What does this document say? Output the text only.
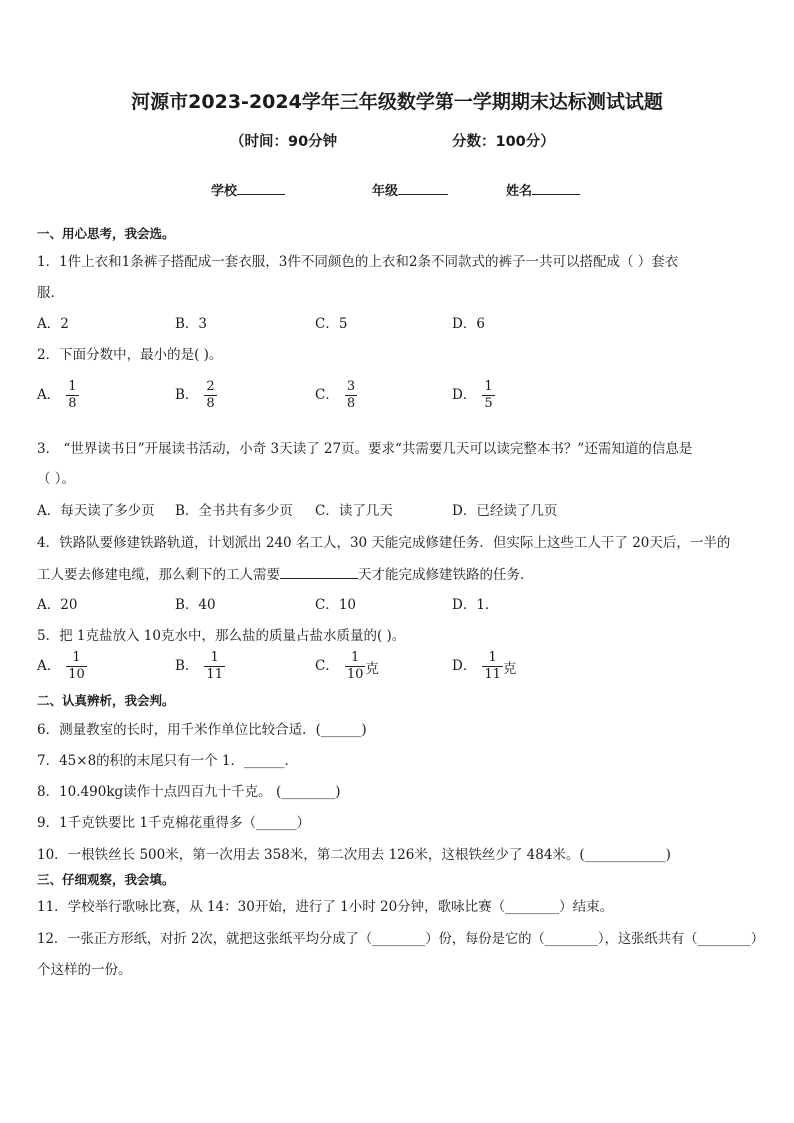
河源市2023-2024学年三年级数学第一学期期末达标测试试题
（时间：90分钟	分数：100分）
学校	年级	姓名
一、用心思考，我会选。
1．1件上衣和1条裤子搭配成一套衣服，3件不同颜色的上衣和2条不同款式的裤子一共可以搭配成（ ）套衣
服．
A．2	B．3	C．5	D．6
2．下面分数中，最小的是( )。
A． $\frac{1}{8}$	B． $\frac{2}{8}$	C． $\frac{3}{8}$	D． $\frac{1}{5}$
3． “世界读书日”开展读书活动，小奇 3天读了 27页。要求“共需要几天可以读完整本书？”还需知道的信息是
（ ）。
A．每天读了多少页 B．全书共有多少页 C．读了几天	D．已经读了几页
4．铁路队要修建铁路轨道，计划派出 240 名工人，30 天能完成修建任务．但实际上这些工人干了 20天后，一半的
工人要去修建电缆，那么剩下的工人需要	天才能完成修建铁路的任务．
A．20	B．40	C．10	D．1．
5．把 1克盐放入 10克水中，那么盐的质量占盐水质量的( )。
A． $\frac{1}{10}$	B． $\frac{1}{11}$	C． $\frac{1}{10}$ 克	D． $\frac{1}{11}$ 克
二、认真辨析，我会判。
6．测量教室的长时，用千米作单位比较合适．(______)
7．45×8的积的末尾只有一个 1．______．
8．10.490kg读作十点四百九十千克。 (________)
9．1千克铁要比 1千克棉花重得多（______）
10．一根铁丝长 500米，第一次用去 358米，第二次用去 126米，这根铁丝少了 484米。(____________)
三、仔细观察，我会填。
11．学校举行歌咏比赛，从 14：30开始，进行了 1小时 20分钟，歌咏比赛（________）结束。
12．一张正方形纸，对折 2次，就把这张纸平均分成了（________）份，每份是它的（________），这张纸共有（________）
个这样的一份。
